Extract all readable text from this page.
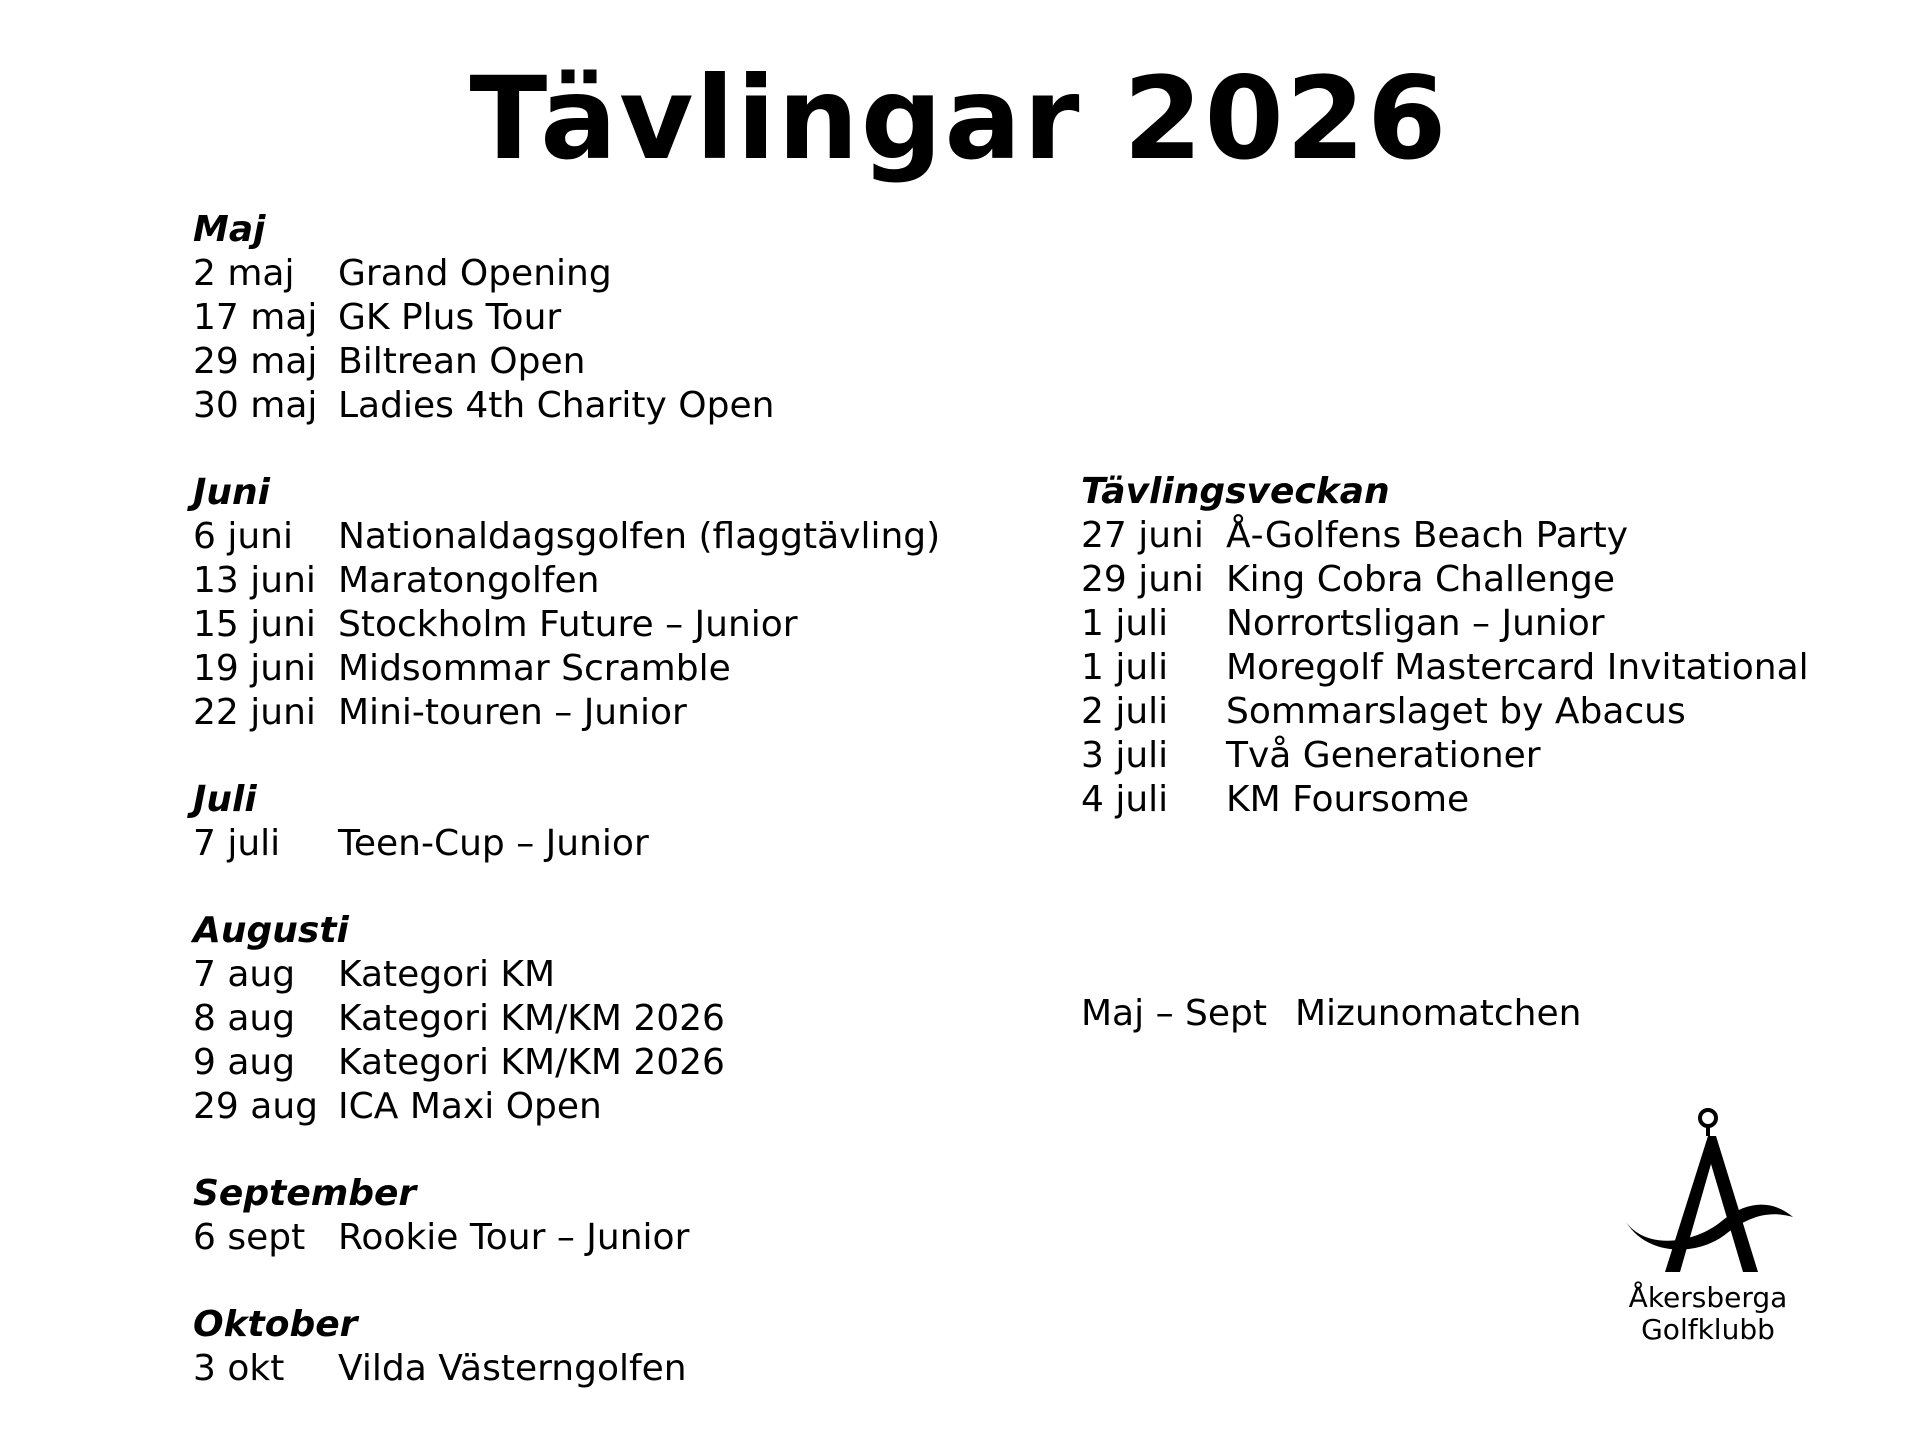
Tävlingar 2026
Maj
2 maj	Grand Opening
17 maj GK Plus Tour
29 maj Biltrean Open
30 maj Ladies 4th Charity Open
Juni
6 juni	Nationaldagsgolfen (flaggtävling)
13 juni Maratongolfen
15 juni Stockholm Future – Junior
19 juni Midsommar Scramble
22 juni Mini-touren – Junior
Juli
7 juli	Teen-Cup – Junior
Augusti
7 aug	Kategori KM
8 aug	Kategori KM/KM 2026
9 aug	Kategori KM/KM 2026
29 aug ICA Maxi Open
September
6 sept Rookie Tour – Junior
Oktober
3 okt	Vilda Västerngolfen
Tävlingsveckan
27 juni Å-Golfens Beach Party
29 juni King Cobra Challenge
1 juli	Norrortsligan – Junior
1 juli	Moregolf Mastercard Invitational
2 juli	Sommarslaget by Abacus
3 juli	Två Generationer
4 juli	KM Foursome
Maj – Sept Mizunomatchen
Åkersberga
Golfklubb
